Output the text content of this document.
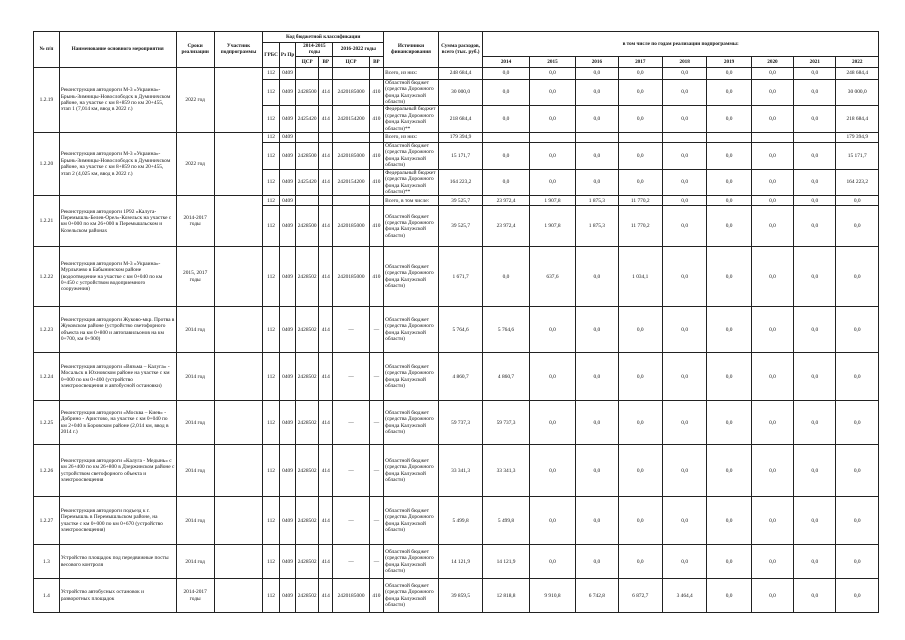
№ п/п	Наименование основного мероприятия	Сроки реализации	Участник подпрограммы	Код бюджетной классификации						Источники финансирования	Сумма расходов, всего (тыс. руб.)	в том числе по годам реализации подпрограммы:								
				ГРБС	Рз Пр	2014-2015 годы		2016-2022 годы												
						ЦСР	ВР	ЦСР	ВР			2014	2015	2016	2017	2018	2019	2020	2021	2022
1.2.19	Реконструкция автодороги М-3 «Украина»-Брынь-Зимницы-Новослободск в Думиничском районе, на участке с км 8+859 по км 20+455, этап 1 (7,014 км, ввод в 2022 г.)	2022 год		112	0409					Всего, из них:	248 684,4	0,0	0,0	0,0	0,0	0,0	0,0	0,0	0,0	248 684,4
				112	0409	2428500	414	2420185000	410	Областной бюджет (средства Дорожного фонда Калужской области)	30 000,0	0,0	0,0	0,0	0,0	0,0	0,0	0,0	0,0	30 000,0
				112	0409	2425420	414	2420154200	410	Федеральный бюджет (средства Дорожного фонда Калужской области)**	218 684,4	0,0	0,0	0,0	0,0	0,0	0,0	0,0	0,0	218 684,4
1.2.20	Реконструкция автодороги М-3 «Украина»-Брынь-Зимницы-Новослободск в Думиничском районе, на участке с км 8+859 по км 20+455, этап 2 (4,025 км, ввод в 2022 г.)	2022 год		112	0409					Всего, из них:	179 394,9									179 394,9
				112	0409	2428500	414	2420185000	410	Областной бюджет (средства Дорожного фонда Калужской области)	15 171,7	0,0	0,0	0,0	0,0	0,0	0,0	0,0	0,0	15 171,7
				112	0409	2425420	414	2420154200	410	Федеральный бюджет (средства Дорожного фонда Калужской области)**	164 223,2	0,0	0,0	0,0	0,0	0,0	0,0	0,0	0,0	164 223,2
1.2.21	Реконструкция автодороги 1Р92 «Калуга-Перемышль-Белев-Орел»-Козельск на участке с км 0+000 по км 26+000 в Перемышльском и Козельском районах	2014-2017 годы		112	0409					Всего, в том числе:	39 525,7	23 972,4	1 907,8	1 875,3	11 770,2	0,0	0,0	0,0	0,0	0,0
				112	0409	2428500	414	2420185000	410	Областной бюджет (средства Дорожного фонда Калужской области)	39 525,7	23 972,4	1 907,8	1 875,3	11 770,2	0,0	0,0	0,0	0,0	0,0
1.2.22	Реконструкция автодороги М-3 «Украина»-Мурлычево в Бабынинском районе (водоотведение на участке с км 0+040 по км 0+450 с устройством водоприемного сооружения)	2015, 2017 годы		112	0409	2428502	414	2420185000	410	Областной бюджет (средства Дорожного фонда Калужской области)	1 671,7	0,0	637,6	0,0	1 034,1	0,0	0,0	0,0	0,0	0,0
1.2.23	Реконструкция автодороги Жуково-мкр. Протва в Жуковском районе (устройство светофорного объекта на км 0+800 и автопавильонов на км 0+700, км 0+900)	2014 год		112	0409	2428502	414	—	—	Областной бюджет (средства Дорожного фонда Калужской области)	5 764,6	5 764,6	0,0	0,0	0,0	0,0	0,0	0,0	0,0	0,0
1.2.24	Реконструкция автодороги «Вязьма – Калуга» - Мосальск в Юхновском районе на участке с км 0+000 по км 0+400 (устройство электроосвещения и автобусной остановки)	2014 год		112	0409	2428502	414	—	—	Областной бюджет (средства Дорожного фонда Калужской области)	4 860,7	4 860,7	0,0	0,0	0,0	0,0	0,0	0,0	0,0	0,0
1.2.25	Реконструкция автодороги «Москва – Киев» - Добрино - Аристово, на участке с км 0+040 по км 2+040 в Боровском районе (2,014 км, ввод в 2014 г.)	2014 год		112	0409	2428502	414	—	—	Областной бюджет (средства Дорожного фонда Калужской области)	59 737,3	59 737,3	0,0	0,0	0,0	0,0	0,0	0,0	0,0	0,0
1.2.26	Реконструкция автодороги «Калуга - Медынь» с км 26+400 по км 26+800 в Дзержинском районе с устройством светофорного объекта и электроосвещения	2014 год		112	0409	2428502	414	—	—	Областной бюджет (средства Дорожного фонда Калужской области)	33 341,3	33 341,3	0,0	0,0	0,0	0,0	0,0	0,0	0,0	0,0
1.2.27	Реконструкция автодороги подъезд к г. Перемышль в Перемышльском районе, на участке с км 0+000 по км 0+670 (устройство электроосвещения)	2014 год		112	0409	2428502	414	—	—	Областной бюджет (средства Дорожного фонда Калужской области)	5 499,8	5 499,8	0,0	0,0	0,0	0,0	0,0	0,0	0,0	0,0
1.3	Устройство площадок под передвижные посты весового контроля	2014 год		112	0409	2428502	414	—	—	Областной бюджет (средства Дорожного фонда Калужской области)	14 121,9	14 121,9	0,0	0,0	0,0	0,0	0,0	0,0	0,0	0,0
1.4	Устройство автобусных остановок и разворотных площадок	2014-2017 годы		112	0409	2428502	414	2420185000	410	Областной бюджет (средства Дорожного фонда Калужской области)	39 859,5	12 818,8	9 910,8	6 742,8	6 872,7	3 464,4	0,0	0,0	0,0	0,0
